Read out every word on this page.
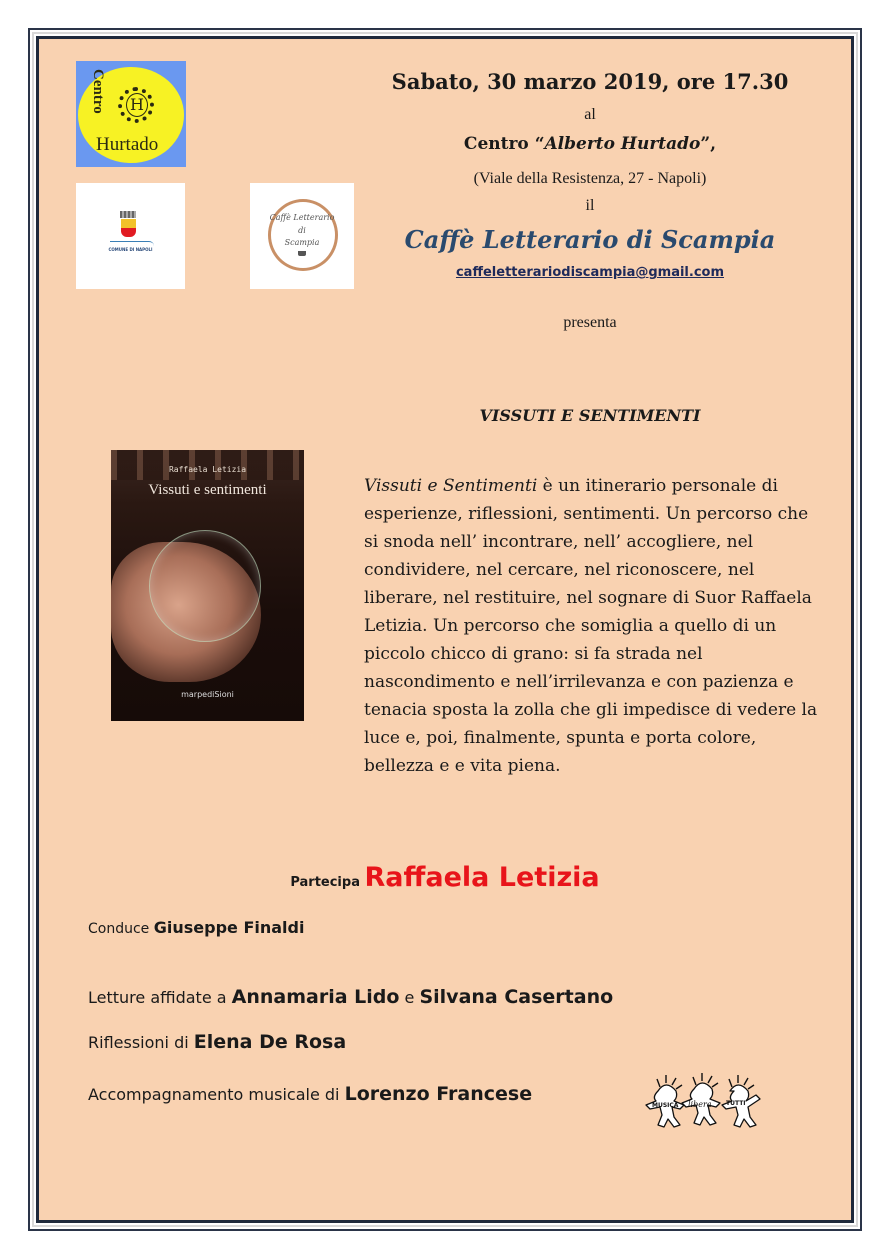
H
Centro
Hurtado
COMUNE DI NAPOLI
Caffè Letterario
di
Scampia
Sabato, 30 marzo 2019, ore 17.30
al
Centro “Alberto Hurtado”,
(Viale della Resistenza, 27 - Napoli)
il
Caffè Letterario di Scampia
caffeletterariodiscampia@gmail.com
presenta
VISSUTI E SENTIMENTI
Raffaela Letizia
Vissuti e sentimenti
marpediSioni
Vissuti e Sentimenti è un itinerario personale di esperienze, riflessioni, sentimenti. Un percorso che si snoda nell’ incontrare, nell’ accogliere, nel condividere, nel cercare, nel riconoscere, nel liberare, nel restituire, nel sognare di Suor Raffaela Letizia. Un percorso che somiglia a quello di un piccolo chicco di grano: si fa strada nel nascondimento e nell’irrilevanza e con pazienza e tenacia sposta la zolla che gli impedisce di vedere la luce e, poi, finalmente, spunta e porta colore, bellezza e e vita piena.
Partecipa Raffaela Letizia
Conduce Giuseppe Finaldi
Letture affidate a Annamaria Lido e Silvana Casertano
Riflessioni di Elena De Rosa
Accompagnamento musicale di Lorenzo Francese
MUSICA libera TUTTI
